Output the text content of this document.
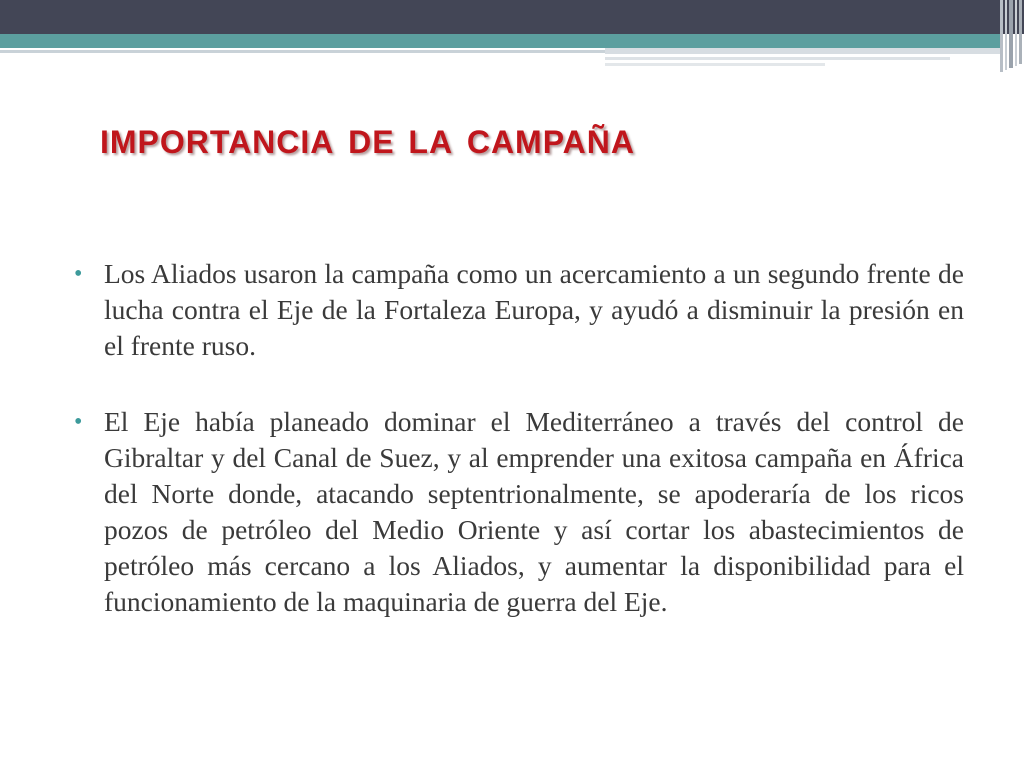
importancia de la campaña
• Los Aliados usaron la campaña como un acercamiento a un segundo frente de lucha contra el Eje de la Fortaleza Europa, y ayudó a disminuir la presión en el frente ruso.
• El Eje había planeado dominar el Mediterráneo a través del control de Gibraltar y del Canal de Suez, y al emprender una exitosa campaña en África del Norte donde, atacando septentrionalmente, se apoderaría de los ricos pozos de petróleo del Medio Oriente y así cortar los abastecimientos de petróleo más cercano a los Aliados, y aumentar la disponibilidad para el funcionamiento de la maquinaria de guerra del Eje.
